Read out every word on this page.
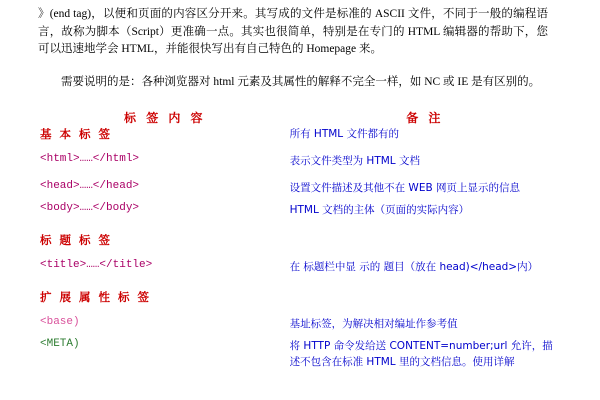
》(end tag)，以便和页面的内容区分开来。其写成的文件是标准的 ASCII 文件，不同于一般的编程语言，故称为脚本（Script）更准确一点。其实也很简单，特别是在专门的 HTML 编辑器的帮助下，您可以迅速地学会 HTML，并能很快写出有自己特色的 Homepage 来。

需要说明的是：各种浏览器对 html 元素及其属性的解释不完全一样，如 NC 或 IE 是有区别的。

标 签 内 容	备 注
基 本 标 签	所有 HTML 文件都有的

<html>……</html>	表示文件类型为 HTML 文档

<head>……</head>	设置文件描述及其他不在 WEB 网页上显示的信息

<body>……</body>	HTML 文档的主体（页面的实际内容）

标 题 标 签	

<title>……</title>	在 标题栏中显 示的 题目（放在 head)</head>内）

扩 展 属 性 标 签	

<base)	基址标签，为解决相对编址作参考值

<META)	将 HTTP 命令发给送 CONTENT=number;url 允许，描述不包含在标准 HTML 里的文档信息。使用详解
